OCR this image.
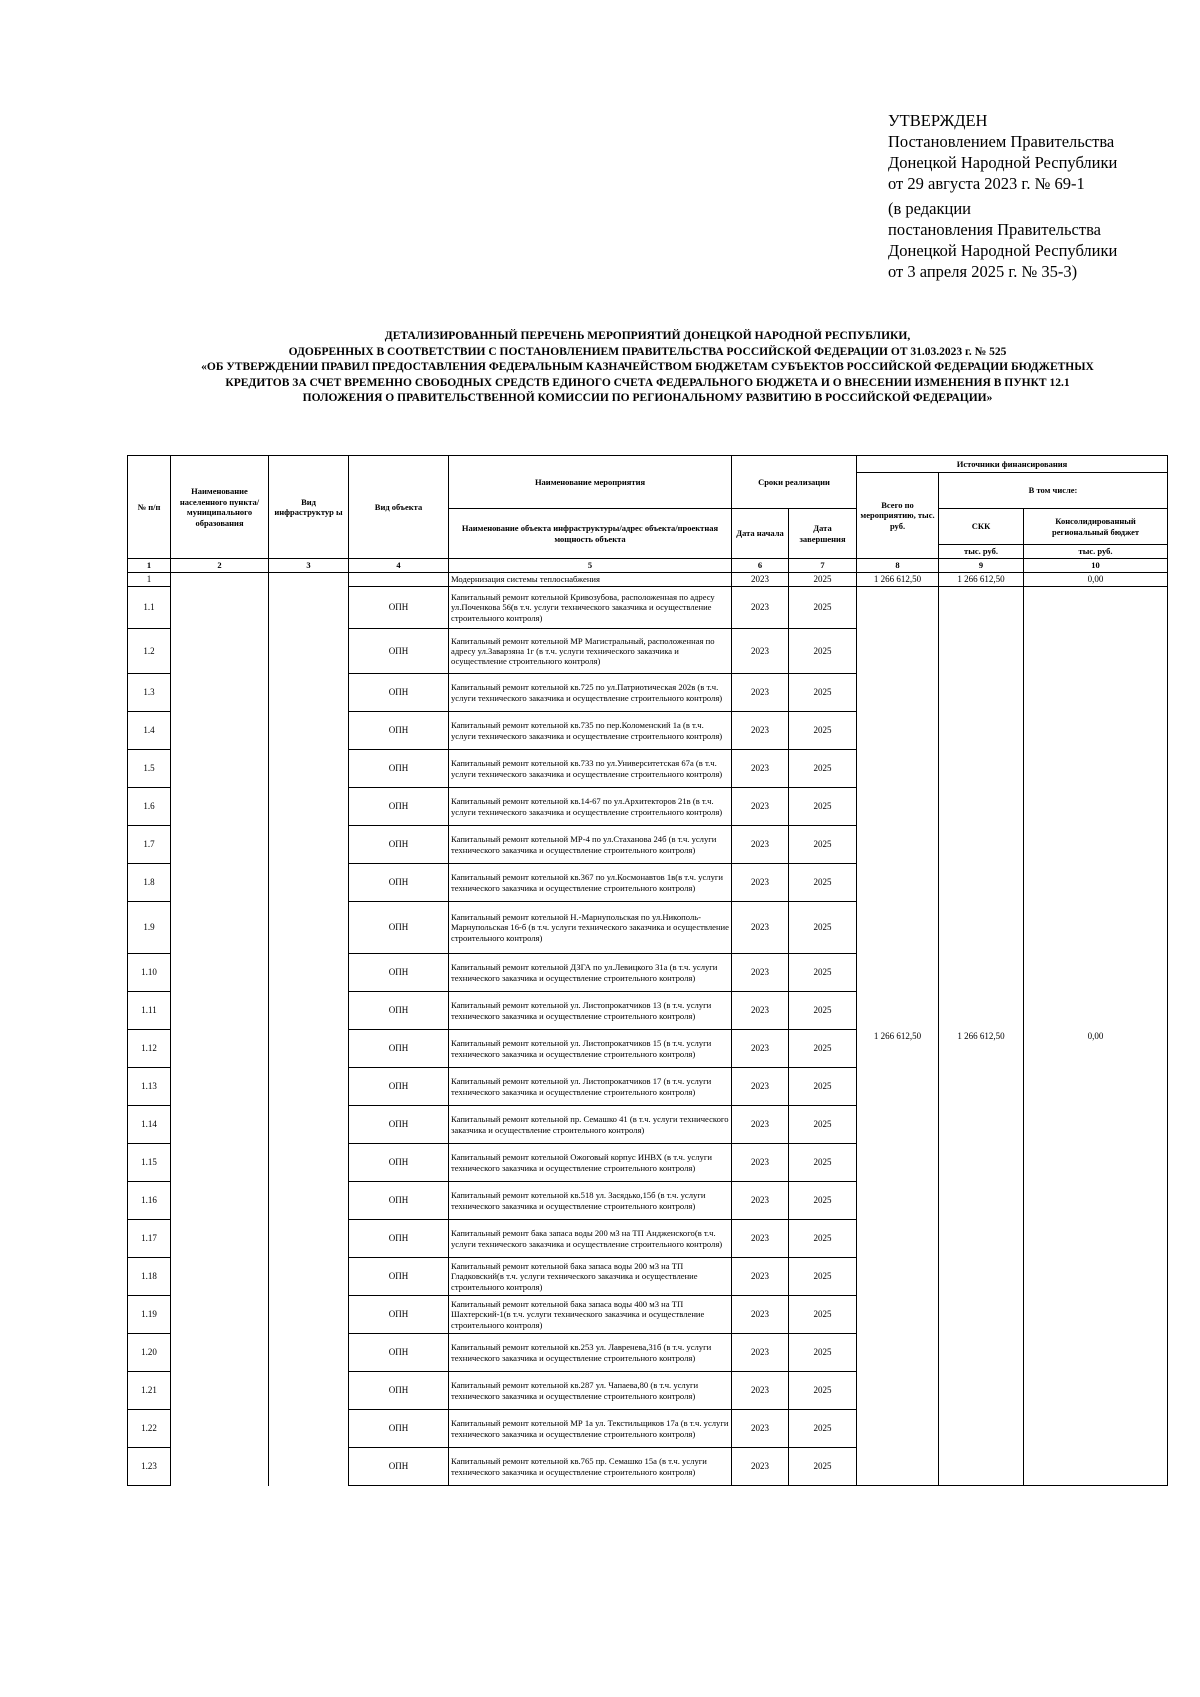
УТВЕРЖДЕН
Постановлением Правительства
Донецкой Народной Республики
от 29 августа 2023 г. № 69-1
(в редакции
постановления Правительства
Донецкой Народной Республики
от 3 апреля 2025 г. № 35-3)
ДЕТАЛИЗИРОВАННЫЙ ПЕРЕЧЕНЬ МЕРОПРИЯТИЙ ДОНЕЦКОЙ НАРОДНОЙ РЕСПУБЛИКИ,
ОДОБРЕННЫХ В СООТВЕТСТВИИ С ПОСТАНОВЛЕНИЕМ ПРАВИТЕЛЬСТВА РОССИЙСКОЙ ФЕДЕРАЦИИ ОТ 31.03.2023 г. № 525
«ОБ УТВЕРЖДЕНИИ ПРАВИЛ ПРЕДОСТАВЛЕНИЯ ФЕДЕРАЛЬНЫМ КАЗНАЧЕЙСТВОМ БЮДЖЕТАМ СУБЪЕКТОВ РОССИЙСКОЙ ФЕДЕРАЦИИ БЮДЖЕТНЫХ
КРЕДИТОВ ЗА СЧЕТ ВРЕМЕННО СВОБОДНЫХ СРЕДСТВ ЕДИНОГО СЧЕТА ФЕДЕРАЛЬНОГО БЮДЖЕТА И О ВНЕСЕНИИ ИЗМЕНЕНИЯ В ПУНКТ 12.1
ПОЛОЖЕНИЯ О ПРАВИТЕЛЬСТВЕННОЙ КОМИССИИ ПО РЕГИОНАЛЬНОМУ РАЗВИТИЮ В РОССИЙСКОЙ ФЕДЕРАЦИИ»
№ п/п	Наименование населенного пункта/ муниципального образования	Вид инфраструктур ы	Вид объекта	Наименование мероприятия	Сроки реализации		Источники финансирования		
							Всего по мероприятию, тыс. руб.	В том числе:	
				Наименование объекта инфраструктуры/адрес объекта/проектная мощность объекта	Дата начала	Дата завершения		СКК	Консолидированный региональный бюджет
								тыс. руб.	тыс. руб.
1	2	3	4	5	6	7	8	9	10
1				Модернизация системы теплоснабжения	2023	2025	1 266 612,50	1 266 612,50	0,00
1.1			ОПН	Капитальный ремонт котельной Кривозубова, расположенная по адресу ул.Поченкова 56(в т.ч. услуги технического заказчика и осуществление строительного контроля)	2023	2025	1 266 612,50	1 266 612,50	0,00
1.2			ОПН	Капитальный ремонт котельной МР Магистральный, расположенная по адресу ул.Заварзяна 1г (в т.ч. услуги технического заказчика и осуществление строительного контроля)	2023	2025			
1.3			ОПН	Капитальный ремонт котельной кв.725 по ул.Патриотическая 202в (в т.ч. услуги технического заказчика и осуществление строительного контроля)	2023	2025			
1.4			ОПН	Капитальный ремонт котельной кв.735 по пер.Коломенский 1а (в т.ч. услуги технического заказчика и осуществление строительного контроля)	2023	2025			
1.5			ОПН	Капитальный ремонт котельной кв.733 по ул.Университетская 67а (в т.ч. услуги технического заказчика и осуществление строительного контроля)	2023	2025			
1.6			ОПН	Капитальный ремонт котельной кв.14-67 по ул.Архитекторов 21в (в т.ч. услуги технического заказчика и осуществление строительного контроля)	2023	2025			
1.7			ОПН	Капитальный ремонт котельной МР-4 по ул.Стаханова 24б (в т.ч. услуги технического заказчика и осуществление строительного контроля)	2023	2025			
1.8			ОПН	Капитальный ремонт котельной кв.367 по ул.Космонавтов 1в(в т.ч. услуги технического заказчика и осуществление строительного контроля)	2023	2025			
1.9			ОПН	Капитальный ремонт котельной Н.-Марнупольская по ул.Никополь-Марнупольская 16-б (в т.ч. услуги технического заказчика и осуществление строительного контроля)	2023	2025			
1.10			ОПН	Капитальный ремонт котельной ДЗГА по ул.Левицкого 31а (в т.ч. услуги технического заказчика и осуществление строительного контроля)	2023	2025			
1.11			ОПН	Капитальный ремонт котельной ул. Листопрокатчиков 13 (в т.ч. услуги технического заказчика и осуществление строительного контроля)	2023	2025			
1.12			ОПН	Капитальный ремонт котельной ул. Листопрокатчиков 15 (в т.ч. услуги технического заказчика и осуществление строительного контроля)	2023	2025			
1.13			ОПН	Капитальный ремонт котельной ул. Листопрокатчиков 17 (в т.ч. услуги технического заказчика и осуществление строительного контроля)	2023	2025			
1.14			ОПН	Капитальный ремонт котельной пр. Семашко 41 (в т.ч. услуги технического заказчика и осуществление строительного контроля)	2023	2025			
1.15			ОПН	Капитальный ремонт котельной Ожоговый корпус ИНВХ (в т.ч. услуги технического заказчика и осуществление строительного контроля)	2023	2025			
1.16			ОПН	Капитальный ремонт котельной кв.518 ул. Засядько,15б (в т.ч. услуги технического заказчика и осуществление строительного контроля)	2023	2025			
1.17			ОПН	Капитальный ремонт бака запаса воды 200 м3 на ТП Андженского(в т.ч. услуги технического заказчика и осуществление строительного контроля)	2023	2025			
1.18			ОПН	Капитальный ремонт котельной бака запаса воды 200 м3 на ТП Гладковский(в т.ч. услуги технического заказчика и осуществление строительного контроля)	2023	2025			
1.19			ОПН	Капитальный ремонт котельной бака запаса воды 400 м3 на ТП Шахтерский-1(в т.ч. услуги технического заказчика и осуществление строительного контроля)	2023	2025			
1.20			ОПН	Капитальный ремонт котельной кв.253 ул. Лавренева,31б (в т.ч. услуги технического заказчика и осуществление строительного контроля)	2023	2025			
1.21			ОПН	Капитальный ремонт котельной кв.287 ул. Чапаева,80 (в т.ч. услуги технического заказчика и осуществление строительного контроля)	2023	2025			
1.22			ОПН	Капитальный ремонт котельной МР 1а ул. Текстильщиков 17а (в т.ч. услуги технического заказчика и осуществление строительного контроля)	2023	2025			
1.23			ОПН	Капитальный ремонт котельной кв.765 пр. Семашко 15а (в т.ч. услуги технического заказчика и осуществление строительного контроля)	2023	2025			
